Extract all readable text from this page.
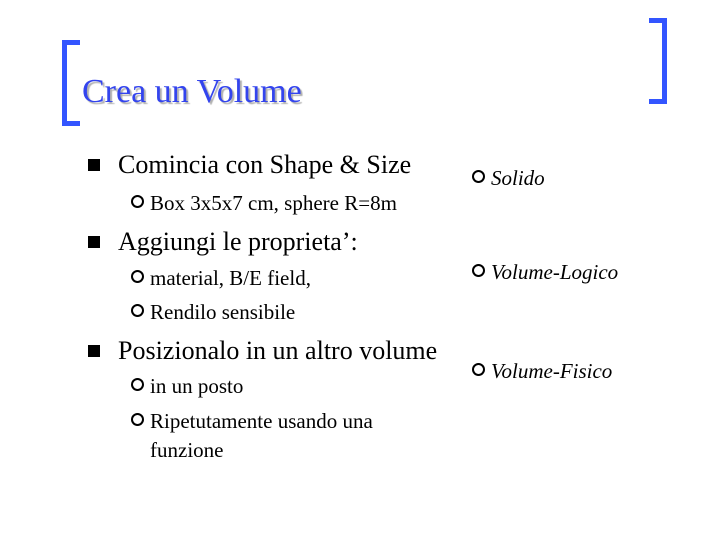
Crea un Volume
Comincia con Shape & Size
Box 3x5x7 cm, sphere R=8m
Aggiungi le proprieta’:
material, B/E field,
Rendilo sensibile
Posizionalo in un altro volume
in un posto
Ripetutamente usando una
funzione
Solido
Volume-Logico
Volume-Fisico
